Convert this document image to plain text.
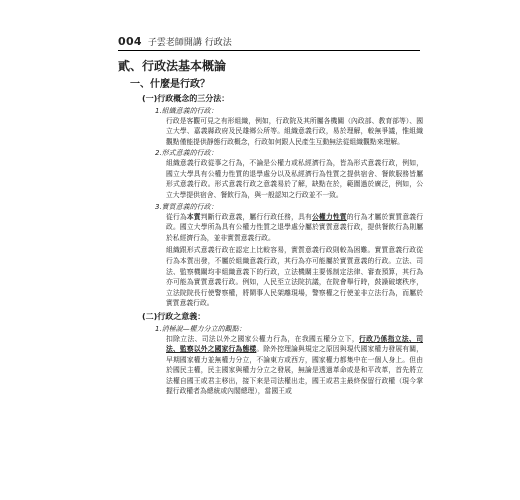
004 子雲老師開講 行政法
貳、行政法基本概論
一、什麼是行政？
(一)行政概念的三分法：
1.組織意義的行政：

行政是客觀可見之有形組織，例如，行政院及其所屬各機關（內政部、教育部等）、國立大學、嘉義縣政府及民雄鄉公所等。組織意義行政，易於理解，較無爭議，惟組織觀點僅能提供靜態行政概念，行政如何跟人民產生互動無法從組織觀點來理解。

2.形式意義的行政：

組織意義行政從事之行為，不論是公權力或私經濟行為，皆為形式意義行政，例如，國立大學具有公權力性質的退學處分以及私經濟行為性質之提供宿舍、餐飲服務皆屬形式意義行政。形式意義行政之意義易於了解，缺點在於，範圍過於廣泛，例如，公立大學提供宿舍、餐飲行為，與一般認知之行政並不一致。

3.實質意義的行政：

從行為本質判斷行政意義，屬行行政任務，具有公權力性質的行為才屬於實質意義行政。國立大學所為具有公權力性質之退學處分屬於實質意義行政，提供餐飲行為則屬於私經濟行為，並非實質意義行政。

組織跟形式意義行政在認定上比較容易，實質意義行政則較為困難。實質意義行政從行為本質出發，不屬於組織意義行政，其行為亦可能屬於實質意義的行政。立法、司法、監察機關均非組織意義下的行政，立法機關主要係制定法律、審查預算，其行為亦可能為實質意義行政。例如，人民至立法院抗議，在院會舉行時，鼓譟破壞秩序，立法院院長行使警察權，將鬧事人民架離現場，警察權之行使並非立法行為，而屬於實質意義行政。

(二)行政之意義：
1.消極說—權力分立的觀點：

扣除立法、司法以外之國家公權力行為，在我國五權分立下，行政乃係指立法、司法、監察以外之國家行為態樣。除外控理論與規定之原因與現代國家權力發展有關，早期國家權力並無權力分立，不論東方或西方，國家權力都集中在一個人身上。但由於國民主權，民主國家與權力分立之發展，無論是透過革命或是和平改革，首先將立法權自國王或君主移出，接下來是司法權出走，國王或君主最終保留行政權（現今掌握行政權者為總統或內閣總理），當國王或
